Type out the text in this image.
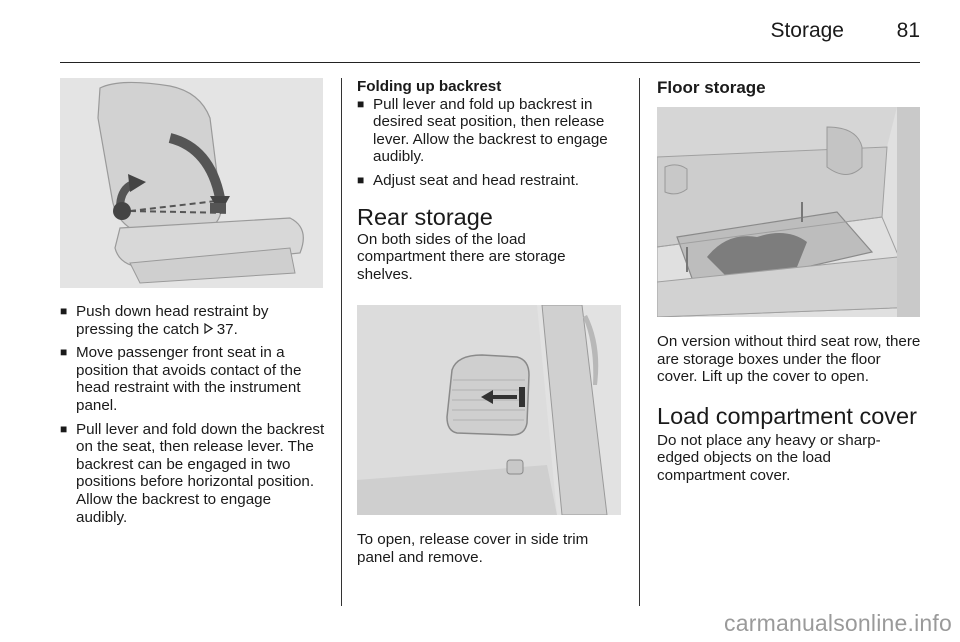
Storage	81
■ Push down head restraint by pressing the catch 37.
■ Move passenger front seat in a position that avoids contact of the head restraint with the instrument panel.
■ Pull lever and fold down the backrest on the seat, then release lever. The backrest can be engaged in two positions before horizontal position. Allow the backrest to engage audibly.
Folding up backrest
■ Pull lever and fold up backrest in desired seat position, then release lever. Allow the backrest to engage audibly.
■ Adjust seat and head restraint.
Rear storage
On both sides of the load compartment there are storage shelves.
To open, release cover in side trim panel and remove.
Floor storage
On version without third seat row, there are storage boxes under the floor cover. Lift up the cover to open.
Load compartment cover
Do not place any heavy or sharp-edged objects on the load compartment cover.
carmanualsonline.info
